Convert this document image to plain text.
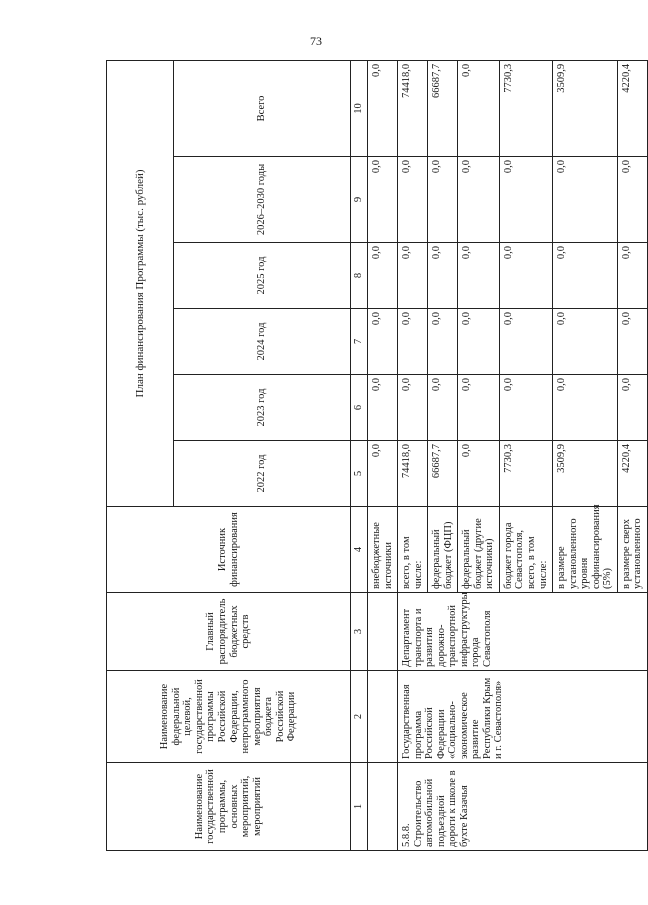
73
Наименование государственной программы, основных мероприятий, мероприятий	Наименование федеральной целевой, государственной программы Российской Федерации, непрограммного мероприятия бюджета Российской Федерации	Главный распорядитель бюджетных средств	Источник финансирования	План финансирования Программы (тыс. рублей)					
				2022 год	2023 год	2024 год	2025 год	2026–2030 годы	Всего
1	2	3	4	5	6	7	8	9	10
			внебюджетные источники	0,0	0,0	0,0	0,0	0,0	0,0
5.8.8. Строительство автомобильной подъездной дороги к школе в бухте Казачья	Государственная программа Российской Федерации «Социально-экономическое развитие Республики Крым и г. Севастополя»	Департамент транспорта и развития дорожно-транспортной инфраструктуры города Севастополя	всего, в том числе:	74418,0	0,0	0,0	0,0	0,0	74418,0
			федеральный бюджет (ФЦП)	66687,7	0,0	0,0	0,0	0,0	66687,7
			федеральный бюджет (другие источники)	0,0	0,0	0,0	0,0	0,0	0,0
			бюджет города Севастополя, всего, в том числе:	7730,3	0,0	0,0	0,0	0,0	7730,3
			в размере установленного уровня софинансирования (5%)	3509,9	0,0	0,0	0,0	0,0	3509,9
			в размере сверх установленного	4220,4	0,0	0,0	0,0	0,0	4220,4
